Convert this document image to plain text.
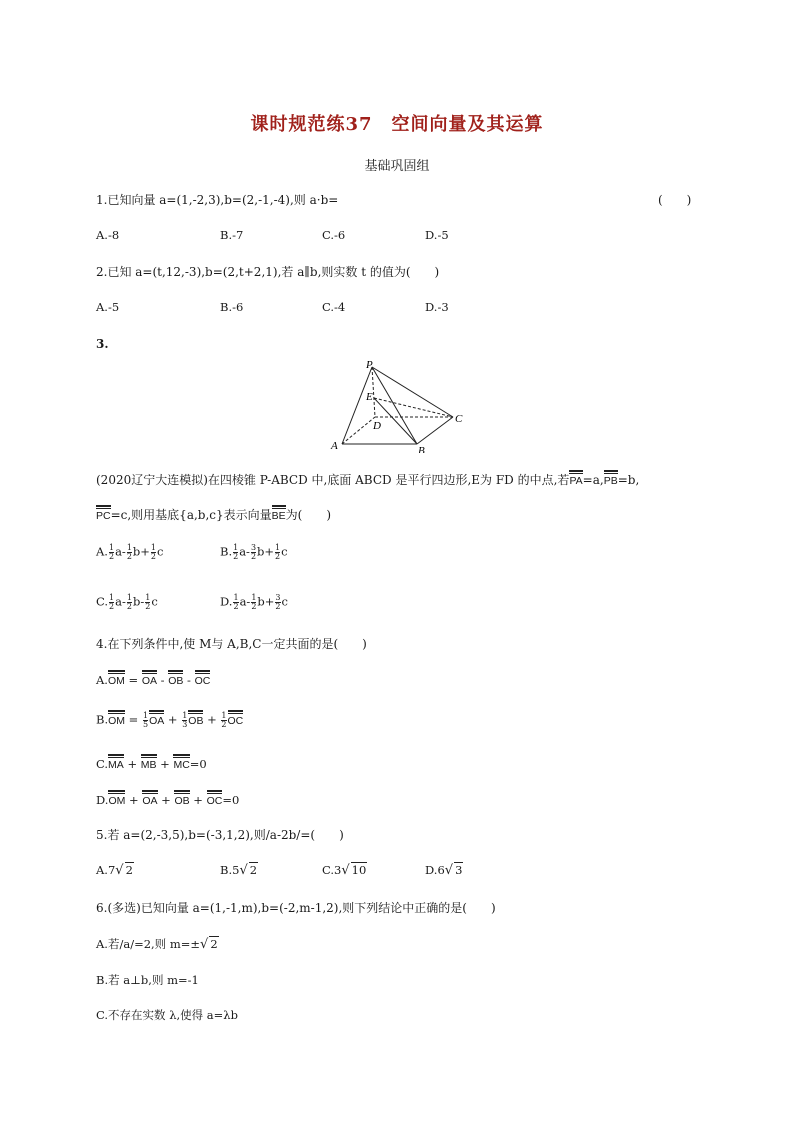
课时规范练37　空间向量及其运算
基础巩固组
1.已知向量 a=(1,-2,3),b=(2,-1,-4),则 a·b=	(　　)
A.-8	B.-7	C.-6	D.-5
2.已知 a=(t,12,-3),b=(2,t+2,1),若 a∥b,则实数 t 的值为(　　)
A.-5	B.-6	C.-4	D.-3
3.
P
E
D
C
A	B
(2020辽宁大连模拟)在四棱锥 P-ABCD 中,底面 ABCD 是平行四边形,E为 FD 的中点,若PA=a,PB=b,
PC=c,则用基底{a,b,c}表示向量BE为(　　)
A. $\frac{1}{2} a- \frac{1}{2} b+ \frac{1}{2}$ c	B. $\frac{1}{2} a- \frac{3}{2} b+ \frac{1}{2}$ c
C. $\frac{1}{2} a- \frac{1}{2} b- \frac{1}{2}$ c	D. $\frac{1}{2} a- \frac{1}{2} b+ \frac{3}{2}$ c
4.在下列条件中,使 M与 A,B,C一定共面的是(　　)
A.OM = OA - OB - OC
$B.OM = \frac{1}{5}$ OA + $\frac{1}{3}$ OB + $\frac{1}{2}$ OC
C.MA + MB + MC=0
D.OM + OA + OB + OC=0
5.若 a=(2,-3,5),b=(-3,1,2),则/a-2b/=(　　)
A.7√ 2	B.5√ 2	C.3√ 10	D.6√ 3
6.(多选)已知向量 a=(1,-1,m),b=(-2,m-1,2),则下列结论中正确的是(　　)
A.若/a/=2,则 m=±√ 2
B.若 a⊥b,则 m=-1
C.不存在实数 λ,使得 a=λb
